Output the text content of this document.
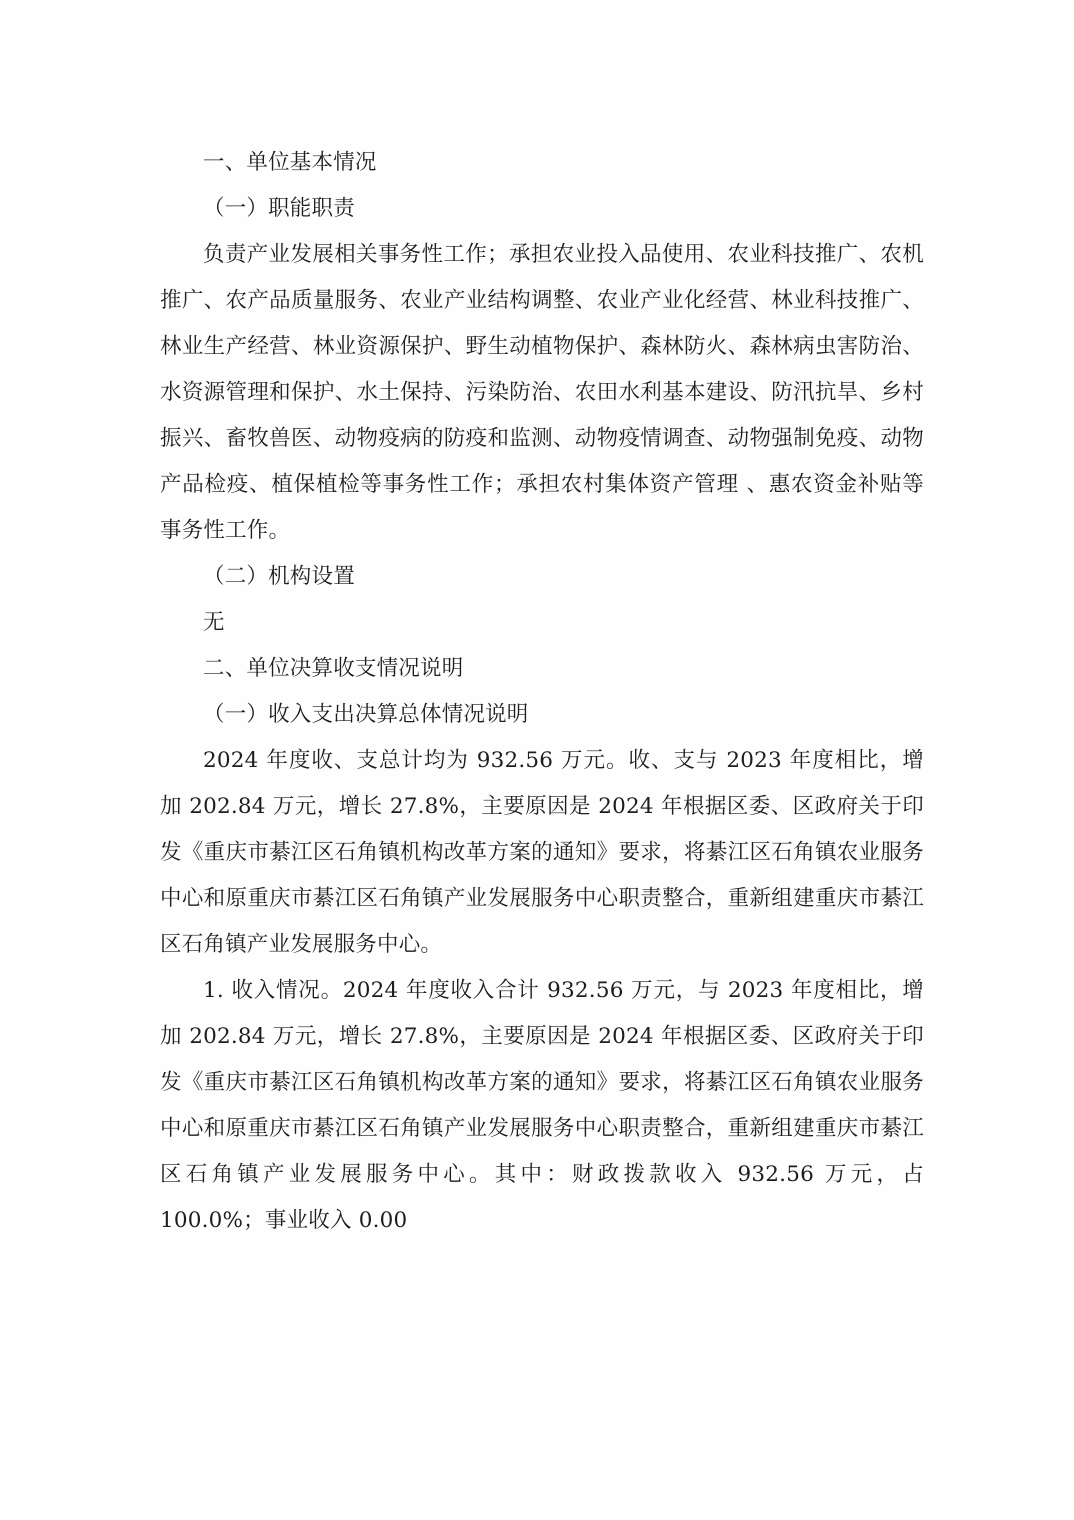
一、单位基本情况

（一）职能职责

负责产业发展相关事务性工作；承担农业投入品使用、农业科技推广、农机推广、农产品质量服务、农业产业结构调整、农业产业化经营、林业科技推广、林业生产经营、林业资源保护、野生动植物保护、森林防火、森林病虫害防治、水资源管理和保护、水土保持、污染防治、农田水利基本建设、防汛抗旱、乡村振兴、畜牧兽医、动物疫病的防疫和监测、动物疫情调查、动物强制免疫、动物产品检疫、植保植检等事务性工作；承担农村集体资产管理 、惠农资金补贴等事务性工作。

（二）机构设置

无

二、单位决算收支情况说明

（一）收入支出决算总体情况说明

2024 年度收、支总计均为 932.56 万元。收、支与 2023 年度相比，增加 202.84 万元，增长 27.8%，主要原因是 2024 年根据区委、区政府关于印发《重庆市綦江区石角镇机构改革方案的通知》要求，将綦江区石角镇农业服务中心和原重庆市綦江区石角镇产业发展服务中心职责整合，重新组建重庆市綦江区石角镇产业发展服务中心。

1. 收入情况。2024 年度收入合计 932.56 万元，与 2023 年度相比，增加 202.84 万元，增长 27.8%，主要原因是 2024 年根据区委、区政府关于印发《重庆市綦江区石角镇机构改革方案的通知》要求，将綦江区石角镇农业服务中心和原重庆市綦江区石角镇产业发展服务中心职责整合，重新组建重庆市綦江区石角镇产业发展服务中心。其中：财政拨款收入 932.56 万元，占 100.0%；事业收入 0.00
